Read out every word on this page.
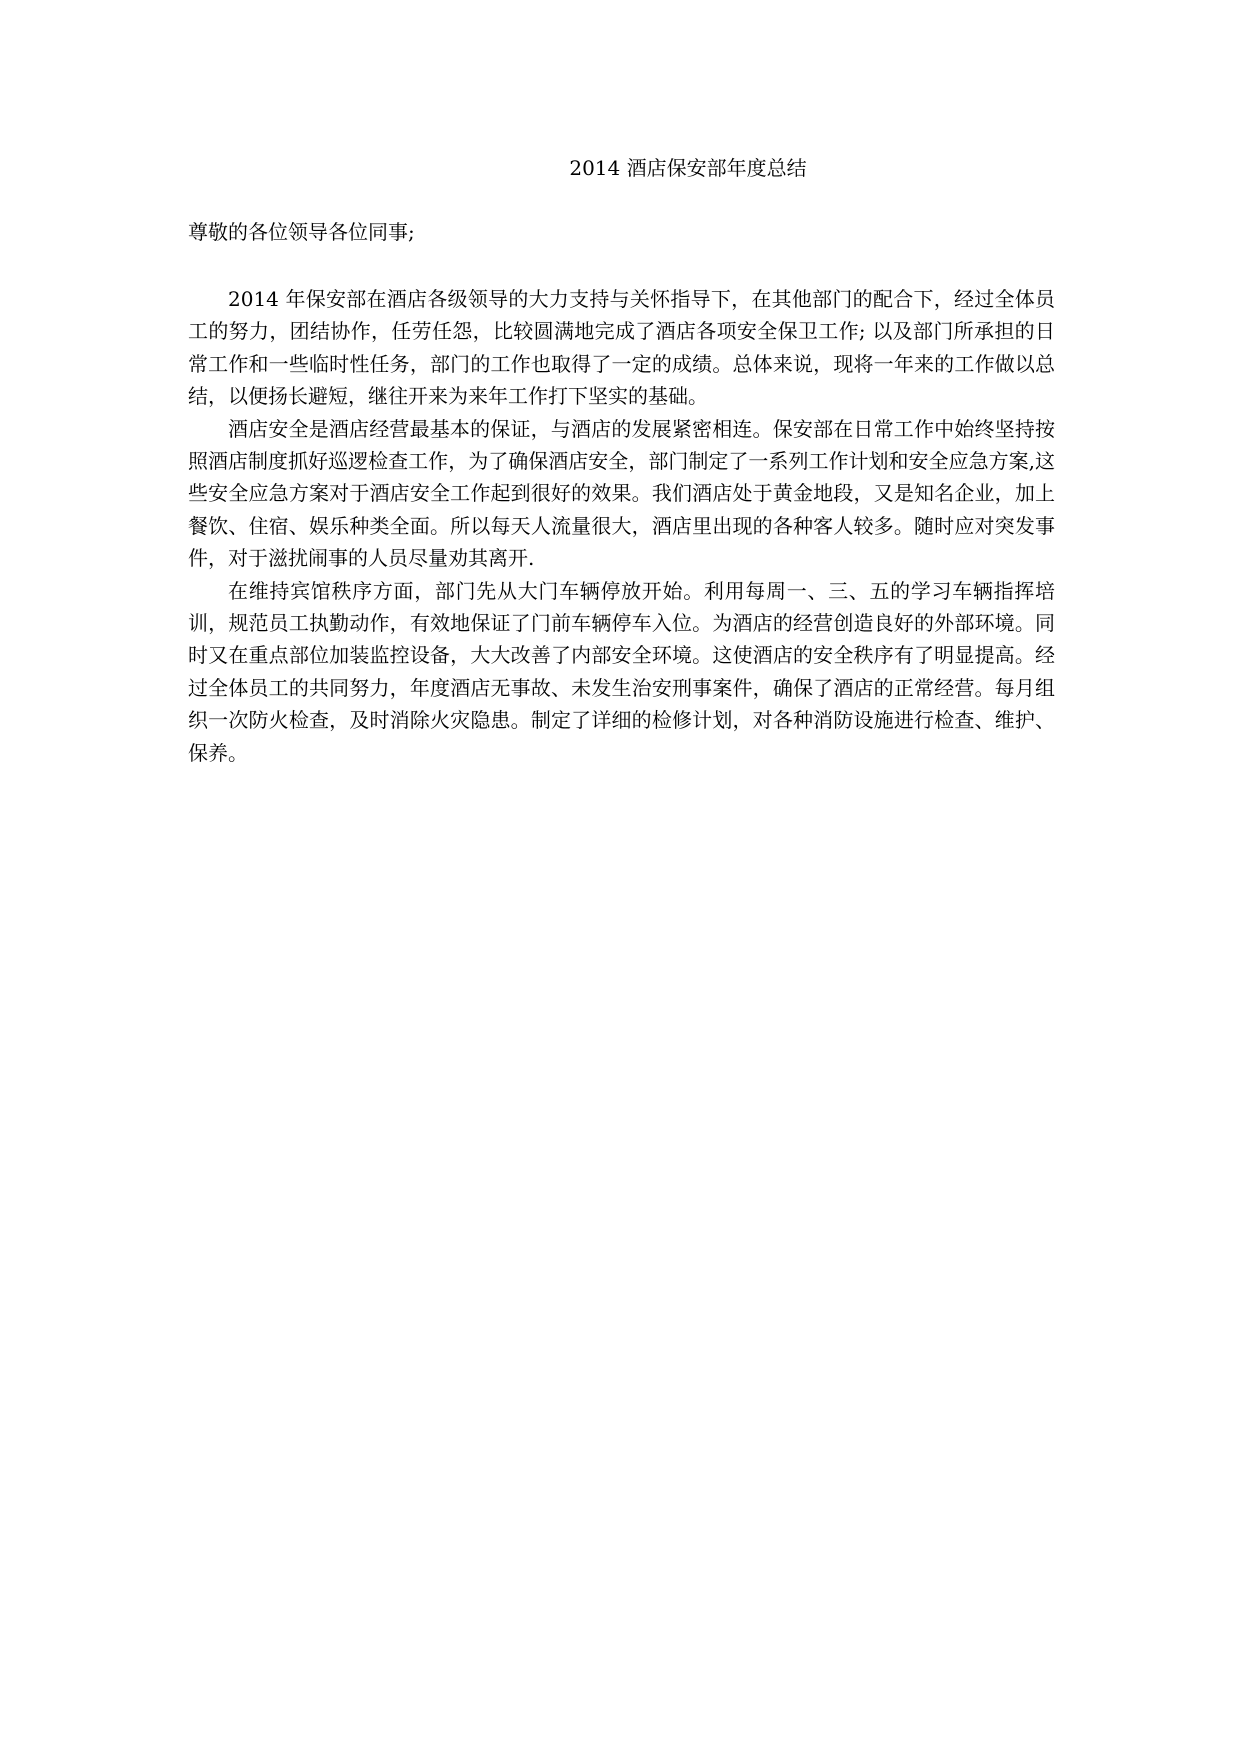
2014 酒店保安部年度总结
尊敬的各位领导各位同事;

2014 年保安部在酒店各级领导的大力支持与关怀指导下，在其他部门的配合下，经过全体员工的努力，团结协作，任劳任怨，比较圆满地完成了酒店各项安全保卫工作; 以及部门所承担的日常工作和一些临时性任务，部门的工作也取得了一定的成绩。总体来说，现将一年来的工作做以总结，以便扬长避短，继往开来为来年工作打下坚实的基础。

酒店安全是酒店经营最基本的保证，与酒店的发展紧密相连。保安部在日常工作中始终坚持按照酒店制度抓好巡逻检查工作，为了确保酒店安全，部门制定了一系列工作计划和安全应急方案,这些安全应急方案对于酒店安全工作起到很好的效果。我们酒店处于黄金地段，又是知名企业，加上餐饮、住宿、娱乐种类全面。所以每天人流量很大，酒店里出现的各种客人较多。随时应对突发事件，对于滋扰闹事的人员尽量劝其离开.

在维持宾馆秩序方面，部门先从大门车辆停放开始。利用每周一、三、五的学习车辆指挥培训，规范员工执勤动作，有效地保证了门前车辆停车入位。为酒店的经营创造良好的外部环境。同时又在重点部位加装监控设备，大大改善了内部安全环境。这使酒店的安全秩序有了明显提高。经过全体员工的共同努力，年度酒店无事故、未发生治安刑事案件，确保了酒店的正常经营。每月组织一次防火检查，及时消除火灾隐患。制定了详细的检修计划，对各种消防设施进行检查、维护、保养。
